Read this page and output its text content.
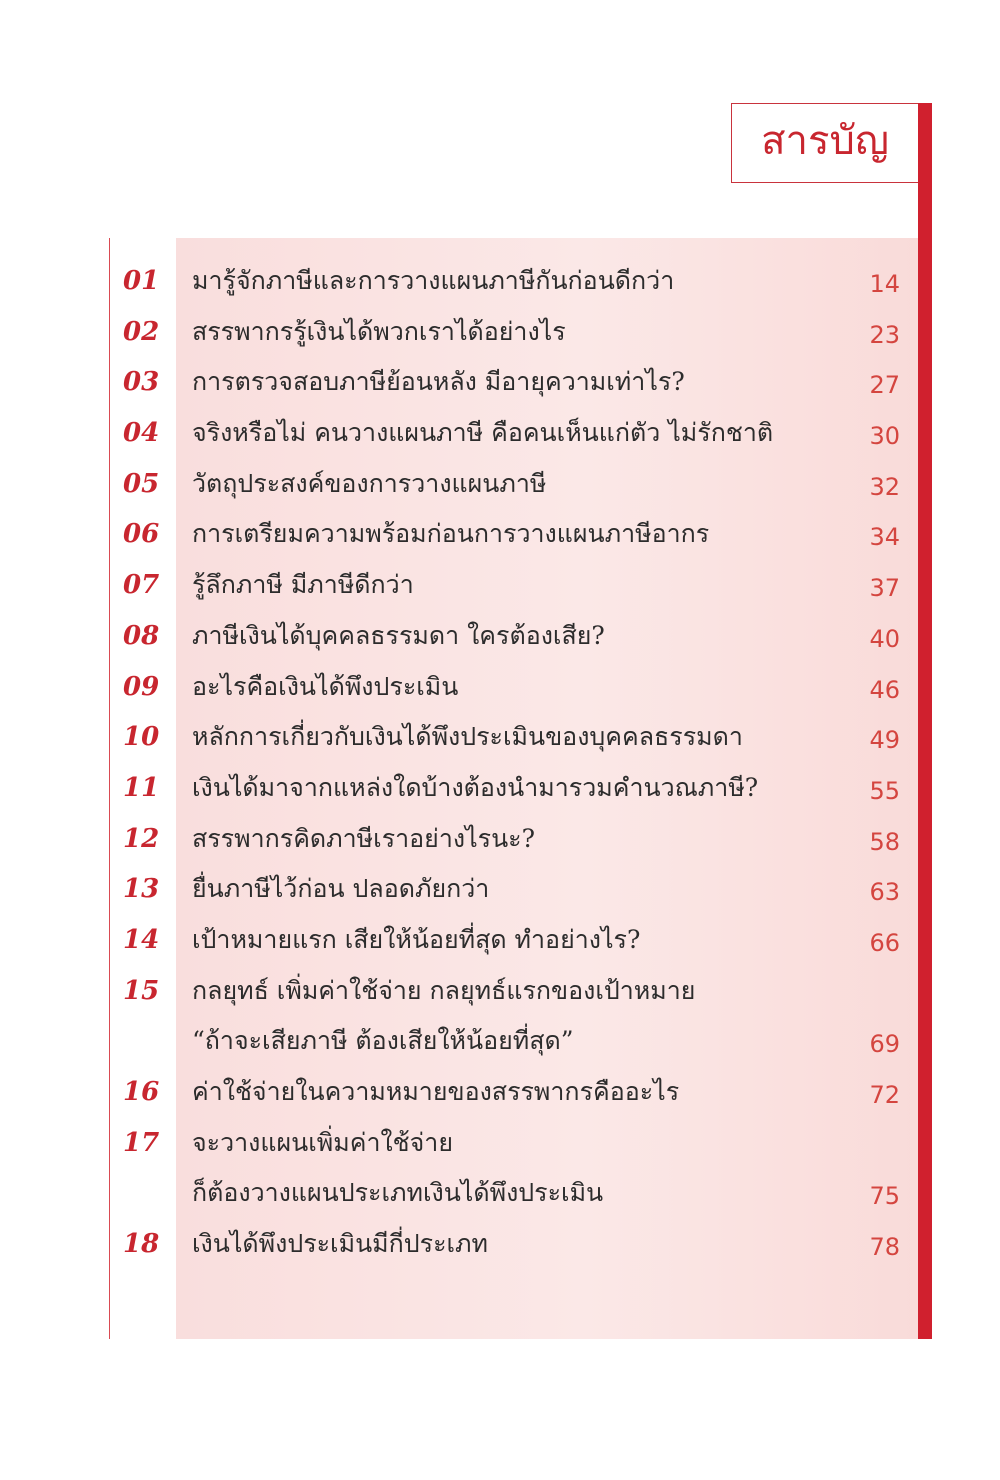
สารบัญ
01 มารู้จักภาษีและการวางแผนภาษีกันก่อนดีกว่า	14
02 สรรพากรรู้เงินได้พวกเราได้อย่างไร	23
03 การตรวจสอบภาษีย้อนหลัง มีอายุความเท่าไร?	27
04 จริงหรือไม่ คนวางแผนภาษี คือคนเห็นแก่ตัว ไม่รักชาติ	30
05 วัตถุประสงค์ของการวางแผนภาษี	32
06 การเตรียมความพร้อมก่อนการวางแผนภาษีอากร	34
07 รู้ลึกภาษี มีภาษีดีกว่า	37
08 ภาษีเงินได้บุคคลธรรมดา ใครต้องเสีย?	40
09 อะไรคือเงินได้พึงประเมิน	46
10 หลักการเกี่ยวกับเงินได้พึงประเมินของบุคคลธรรมดา	49
11 เงินได้มาจากแหล่งใดบ้างต้องนำมารวมคำนวณภาษี?	55
12 สรรพากรคิดภาษีเราอย่างไรนะ?	58
13 ยื่นภาษีไว้ก่อน ปลอดภัยกว่า	63
14 เป้าหมายแรก เสียให้น้อยที่สุด ทำอย่างไร?	66
15 กลยุทธ์ เพิ่มค่าใช้จ่าย กลยุทธ์แรกของเป้าหมาย
“ถ้าจะเสียภาษี ต้องเสียให้น้อยที่สุด”	69
16 ค่าใช้จ่ายในความหมายของสรรพากรคืออะไร	72
17 จะวางแผนเพิ่มค่าใช้จ่าย
ก็ต้องวางแผนประเภทเงินได้พึงประเมิน	75
18 เงินได้พึงประเมินมีกี่ประเภท	78
